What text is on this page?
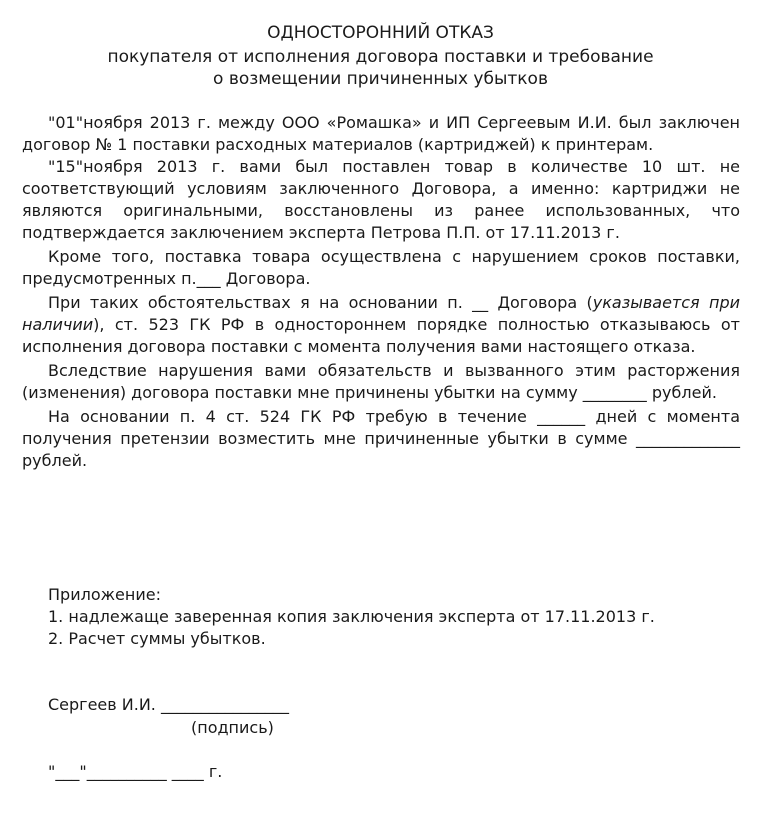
ОДНОСТОРОННИЙ ОТКАЗ
покупателя от исполнения договора поставки и требование
о возмещении причиненных убытков

"01"ноября 2013 г. между ООО «Ромашка» и ИП Сергеевым И.И. был заключен договор № 1 поставки расходных материалов (картриджей) к принтерам.

"15"ноября 2013 г. вами был поставлен товар в количестве 10 шт. не соответствующий условиям заключенного Договора, а именно: картриджи не являются оригинальными, восстановлены из ранее использованных, что подтверждается заключением эксперта Петрова П.П. от 17.11.2013 г.

Кроме того, поставка товара осуществлена с нарушением сроков поставки, предусмотренных п.___ Договора.

При таких обстоятельствах я на основании п. __ Договора (указывается при наличии), ст. 523 ГК РФ в одностороннем порядке полностью отказываюсь от исполнения договора поставки с момента получения вами настоящего отказа.

Вследствие нарушения вами обязательств и вызванного этим расторжения (изменения) договора поставки мне причинены убытки на сумму ________ рублей.

На основании п. 4 ст. 524 ГК РФ требую в течение ______ дней с момента получения претензии возместить мне причиненные убытки в сумме _____________ рублей.

Приложение:

1. надлежаще заверенная копия заключения эксперта от 17.11.2013 г.

2. Расчет суммы убытков.

Сергеев И.И. ________________
(подпись)
"___"__________ ____ г.
